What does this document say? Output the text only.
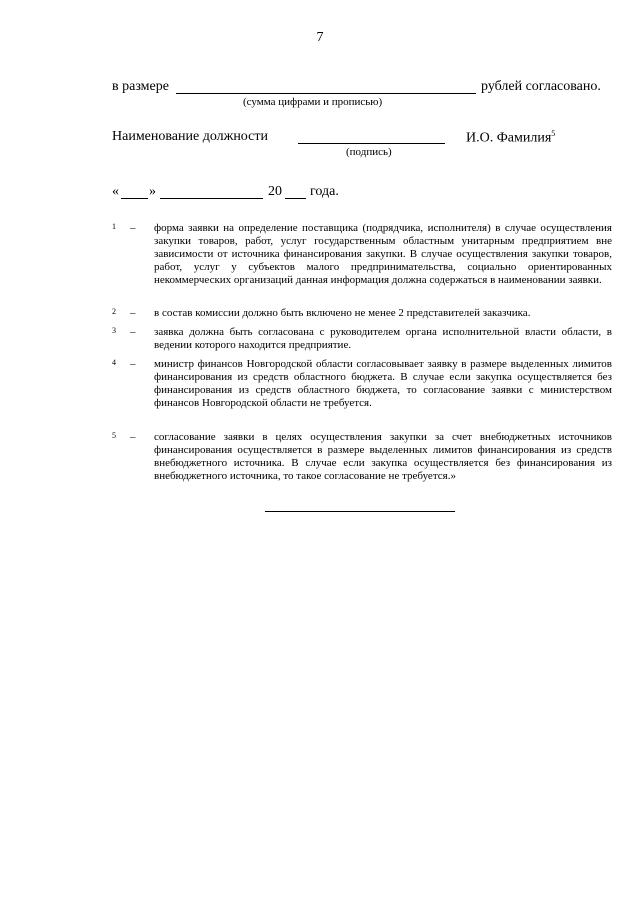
7
в размере	рублей согласовано.
(сумма цифрами и прописью)
Наименование должности	И.О. Фамилия$^5$
(подпись)
« »	20 года.
1 – форма заявки на определение поставщика (подрядчика, исполнителя) в случае осуществления закупки товаров, работ, услуг государственным областным унитарным предприятием вне зависимости от источника финансирования закупки. В случае осуществления закупки товаров, работ, услуг у субъектов малого предпринимательства, социально ориентированных некоммерческих организаций данная информация должна содержаться в наименовании заявки.
2 – в состав комиссии должно быть включено не менее 2 представителей заказчика.
3 – заявка должна быть согласована с руководителем органа исполнительной власти области, в ведении которого находится предприятие.
4 – министр финансов Новгородской области согласовывает заявку в размере выделенных лимитов финансирования из средств областного бюджета. В случае если закупка осуществляется без финансирования из средств областного бюджета, то согласование заявки с министерством финансов Новгородской области не требуется.
5 – согласование заявки в целях осуществления закупки за счет внебюджетных источников финансирования осуществляется в размере выделенных лимитов финансирования из средств внебюджетного источника. В случае если закупка осуществляется без финансирования из внебюджетного источника, то такое согласование не требуется.»
